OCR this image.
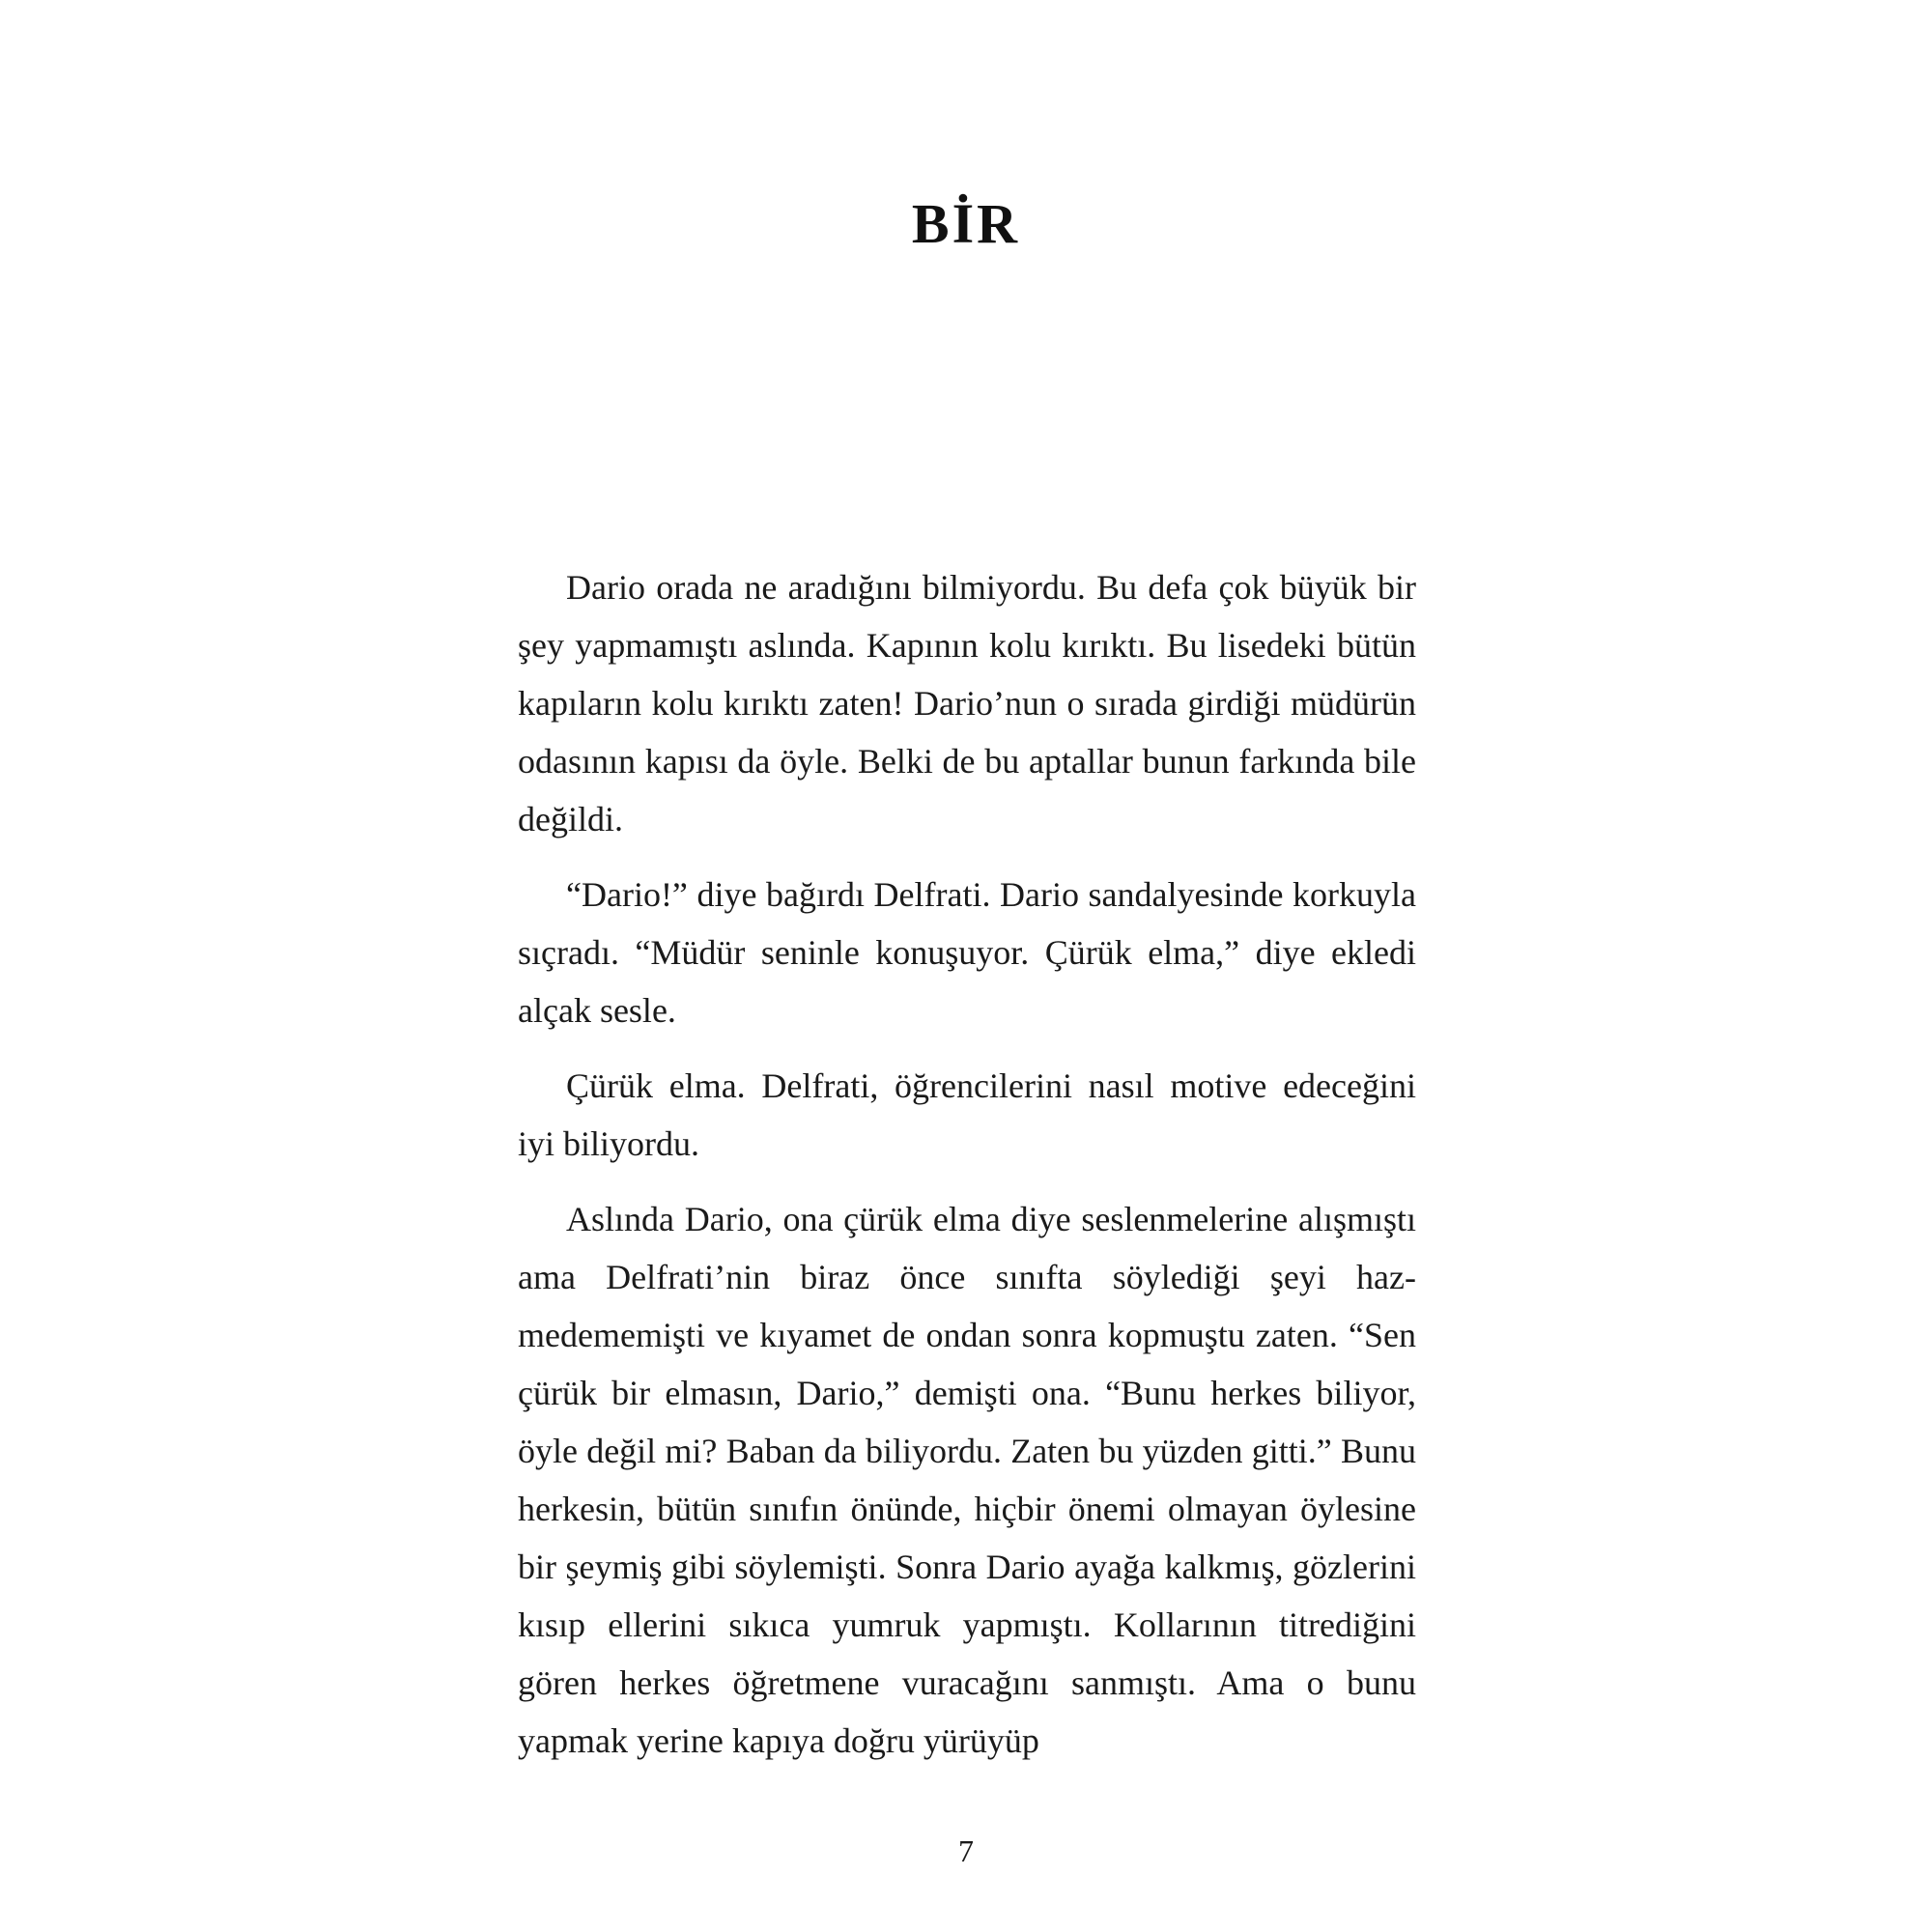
BİR

Dario orada ne aradığını bilmiyordu. Bu defa çok büyük bir şey yapmamıştı aslında. Kapının kolu kırıktı. Bu lisedeki bütün kapıların kolu kırıktı zaten! Dario’nun o sırada girdiği müdürün odasının kapısı da öyle. Belki de bu aptallar bunun farkında bile değildi.

“Dario!” diye bağırdı Delfrati. Dario sandalyesinde korkuyla sıçradı. “Müdür seninle konuşuyor. Çürük elma,” diye ekledi alçak sesle.

Çürük elma. Delfrati, öğrencilerini nasıl motive edeceğini iyi biliyordu.

Aslında Dario, ona çürük elma diye seslenmelerine alışmıştı ama Delfrati’nin biraz önce sınıfta söylediği şeyi hazmedememişti ve kıyamet de ondan sonra kopmuştu zaten. “Sen çürük bir elmasın, Dario,” demişti ona. “Bunu herkes biliyor, öyle değil mi? Baban da biliyordu. Zaten bu yüzden gitti.” Bunu herkesin, bütün sınıfın önünde, hiçbir önemi olmayan öylesine bir şeymiş gibi söylemişti. Sonra Dario ayağa kalkmış, gözlerini kısıp ellerini sıkıca yumruk yapmıştı. Kollarının titrediğini gören herkes öğretmene vuracağını sanmıştı. Ama o bunu yapmak yerine kapıya doğru yürüyüp

7
